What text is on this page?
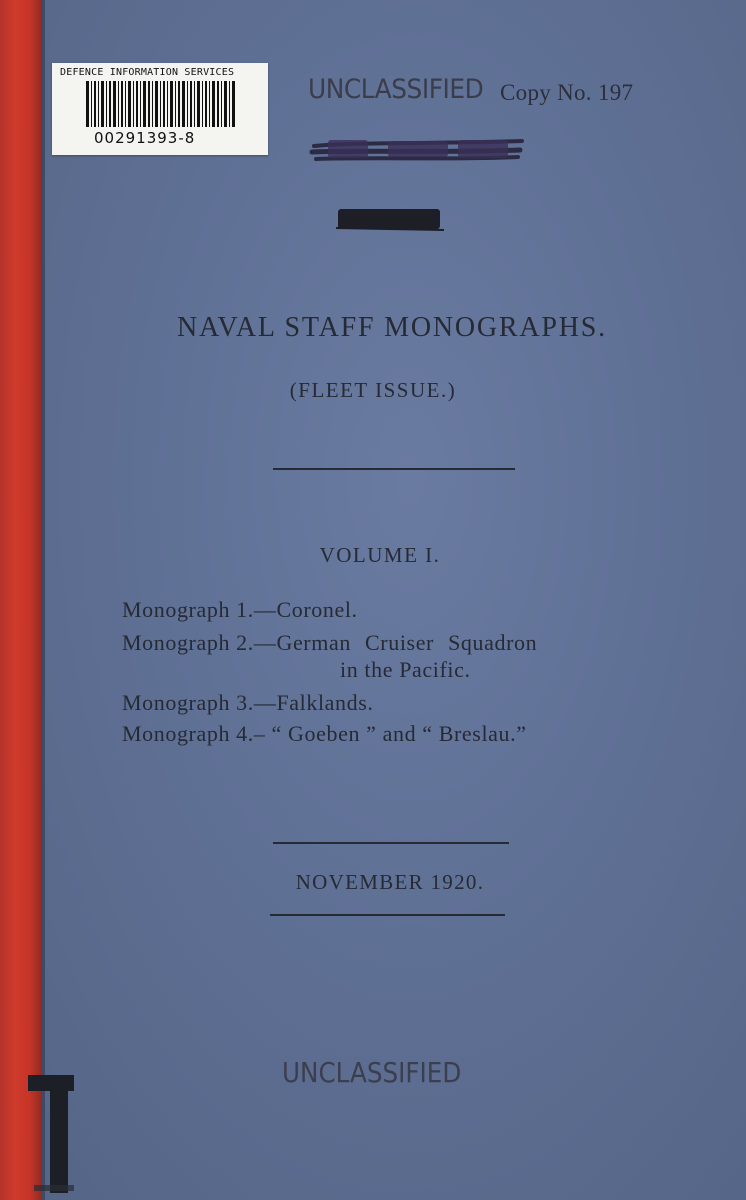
DEFENCE INFORMATION SERVICES
00291393-8
UNCLASSIFIED Copy No. 197
NAVAL STAFF MONOGRAPHS.
(FLEET ISSUE.)
VOLUME I.
Monograph 1.—Coronel.
Monograph 2.—German Cruiser Squadron
in the Pacific.
Monograph 3.—Falklands.
Monograph 4.– “ Goeben ” and “ Breslau.”
NOVEMBER 1920.
UNCLASSIFIED
